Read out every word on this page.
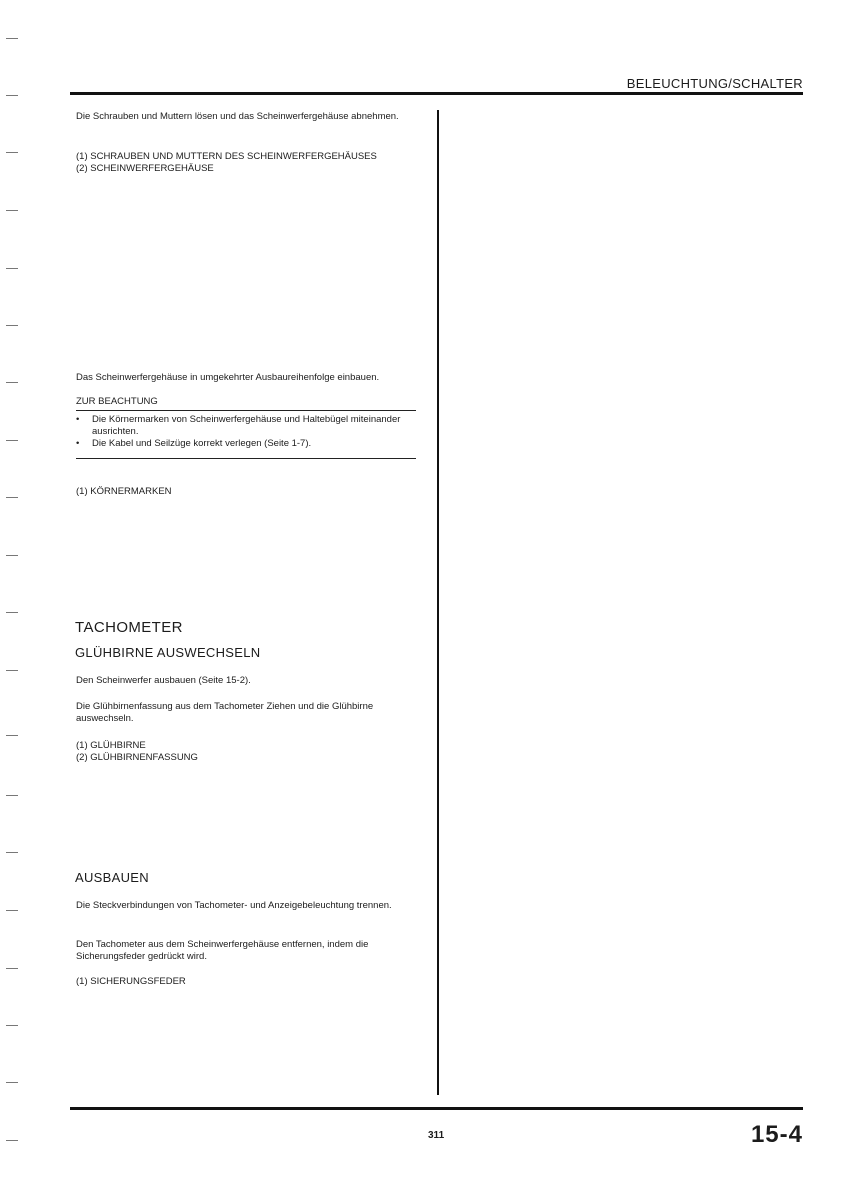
BELEUCHTUNG/SCHALTER
Die Schrauben und Muttern lösen und das Scheinwerfergehäuse abnehmen.
(1) SCHRAUBEN UND MUTTERN DES SCHEINWERFERGEHÄUSES
(2) SCHEINWERFERGEHÄUSE
Das Scheinwerfergehäuse in umgekehrter Ausbaureihenfolge einbauen.
ZUR BEACHTUNG
•	Die Körnermarken von Scheinwerfergehäuse und Haltebügel miteinander ausrichten.
•	Die Kabel und Seilzüge korrekt verlegen (Seite 1-7).
(1) KÖRNERMARKEN
TACHOMETER
GLÜHBIRNE AUSWECHSELN
Den Scheinwerfer ausbauen (Seite 15-2).
Die Glühbirnenfassung aus dem Tachometer Ziehen und die Glühbirne auswechseln.
(1) GLÜHBIRNE
(2) GLÜHBIRNENFASSUNG
AUSBAUEN
Die Steckverbindungen von Tachometer- und Anzeigebeleuchtung trennen.
Den Tachometer aus dem Scheinwerfergehäuse entfernen, indem die Sicherungsfeder gedrückt wird.
(1) SICHERUNGSFEDER
311	15-4
